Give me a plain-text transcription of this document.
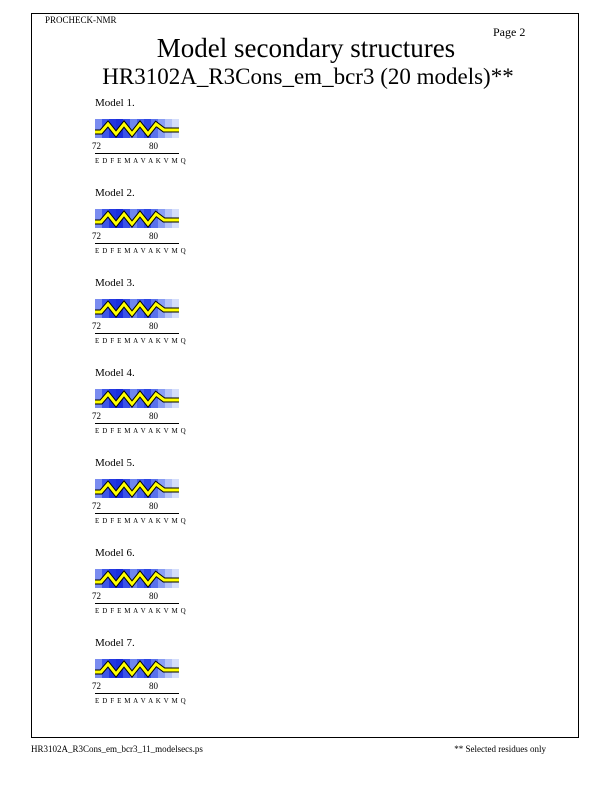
PROCHECK-NMR
Page 2
Model secondary structures
HR3102A_R3Cons_em_bcr3 (20 models)**
Model 1.
72	80
E D F E M A V A K V M Q
Model 2.
72	80
E D F E M A V A K V M Q
Model 3.
72	80
E D F E M A V A K V M Q
Model 4.
72	80
E D F E M A V A K V M Q
Model 5.
72	80
E D F E M A V A K V M Q
Model 6.
72	80
E D F E M A V A K V M Q
Model 7.
72	80
E D F E M A V A K V M Q
HR3102A_R3Cons_em_bcr3_11_modelsecs.ps	** Selected residues only
